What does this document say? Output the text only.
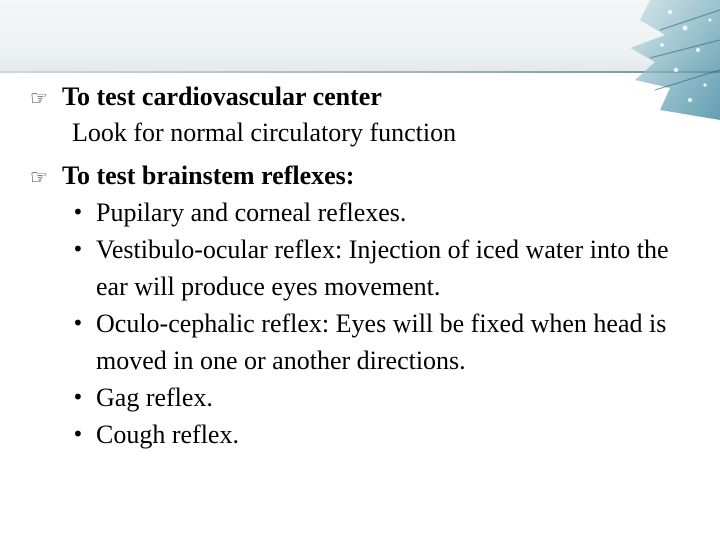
☞ To test cardiovascular center
Look for normal circulatory function
☞ To test brainstem reflexes:
• Pupilary and corneal reflexes.
• Vestibulo-ocular reflex: Injection of iced water into the ear will produce eyes movement.
• Oculo-cephalic reflex: Eyes will be fixed when head is moved in one or another directions.
• Gag reflex.
• Cough reflex.
